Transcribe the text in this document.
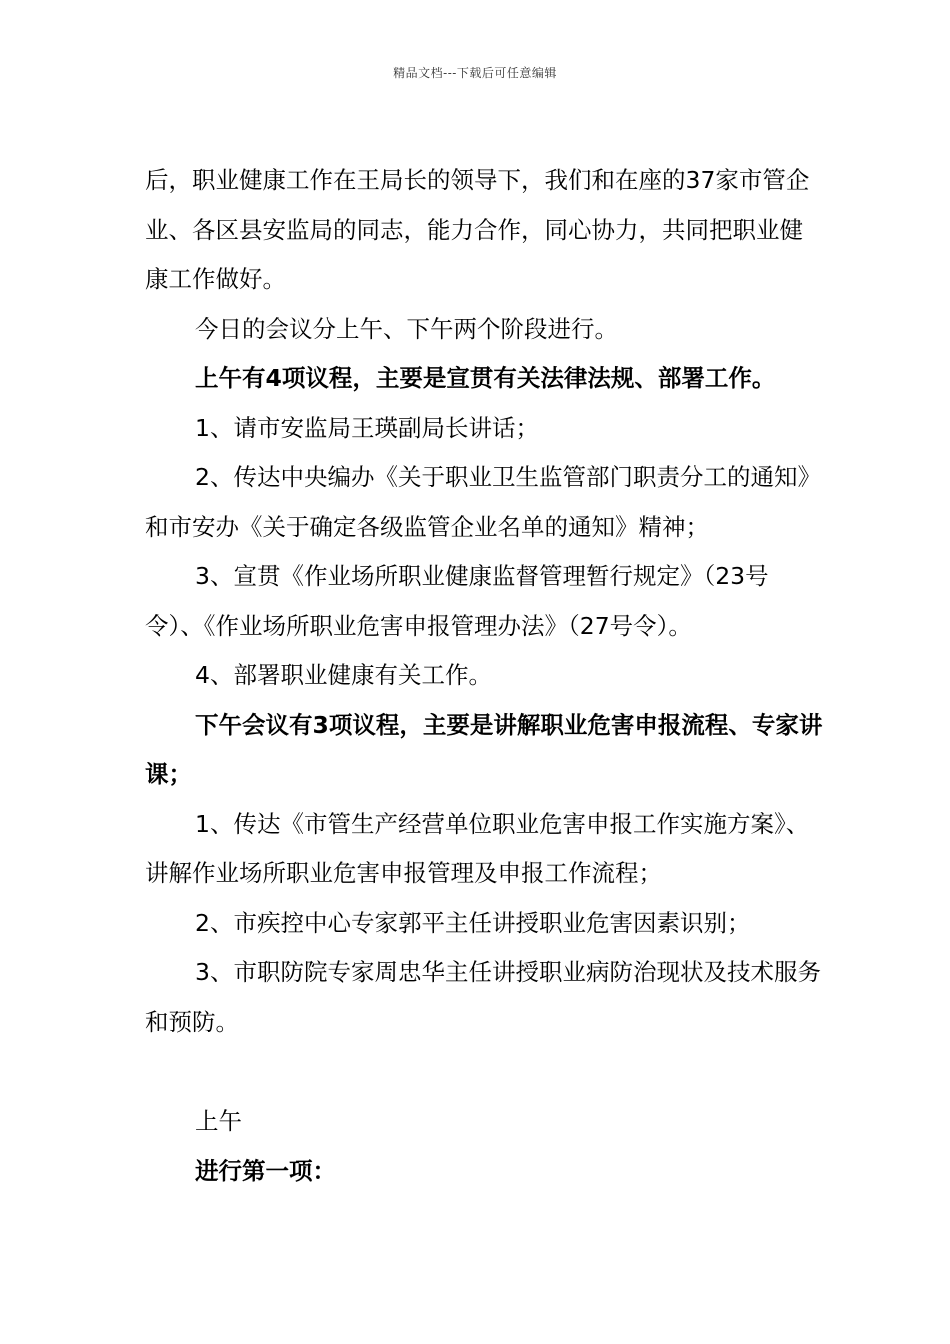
精品文档---下载后可任意编辑

后，职业健康工作在王局长的领导下，我们和在座的37家市管企业、各区县安监局的同志，能力合作，同心协力，共同把职业健康工作做好。

今日的会议分上午、下午两个阶段进行。

上午有4项议程，主要是宣贯有关法律法规、部署工作。

1、请市安监局王瑛副局长讲话；

2、传达中央编办《关于职业卫生监管部门职责分工的通知》和市安办《关于确定各级监管企业名单的通知》精神；

3、宣贯《作业场所职业健康监督管理暂行规定》（23号令）、《作业场所职业危害申报管理办法》（27号令）。

4、部署职业健康有关工作。

下午会议有3项议程，主要是讲解职业危害申报流程、专家讲课；

1、传达《市管生产经营单位职业危害申报工作实施方案》、讲解作业场所职业危害申报管理及申报工作流程；

2、市疾控中心专家郭平主任讲授职业危害因素识别；

3、市职防院专家周忠华主任讲授职业病防治现状及技术服务和预防。

上午

进行第一项：
